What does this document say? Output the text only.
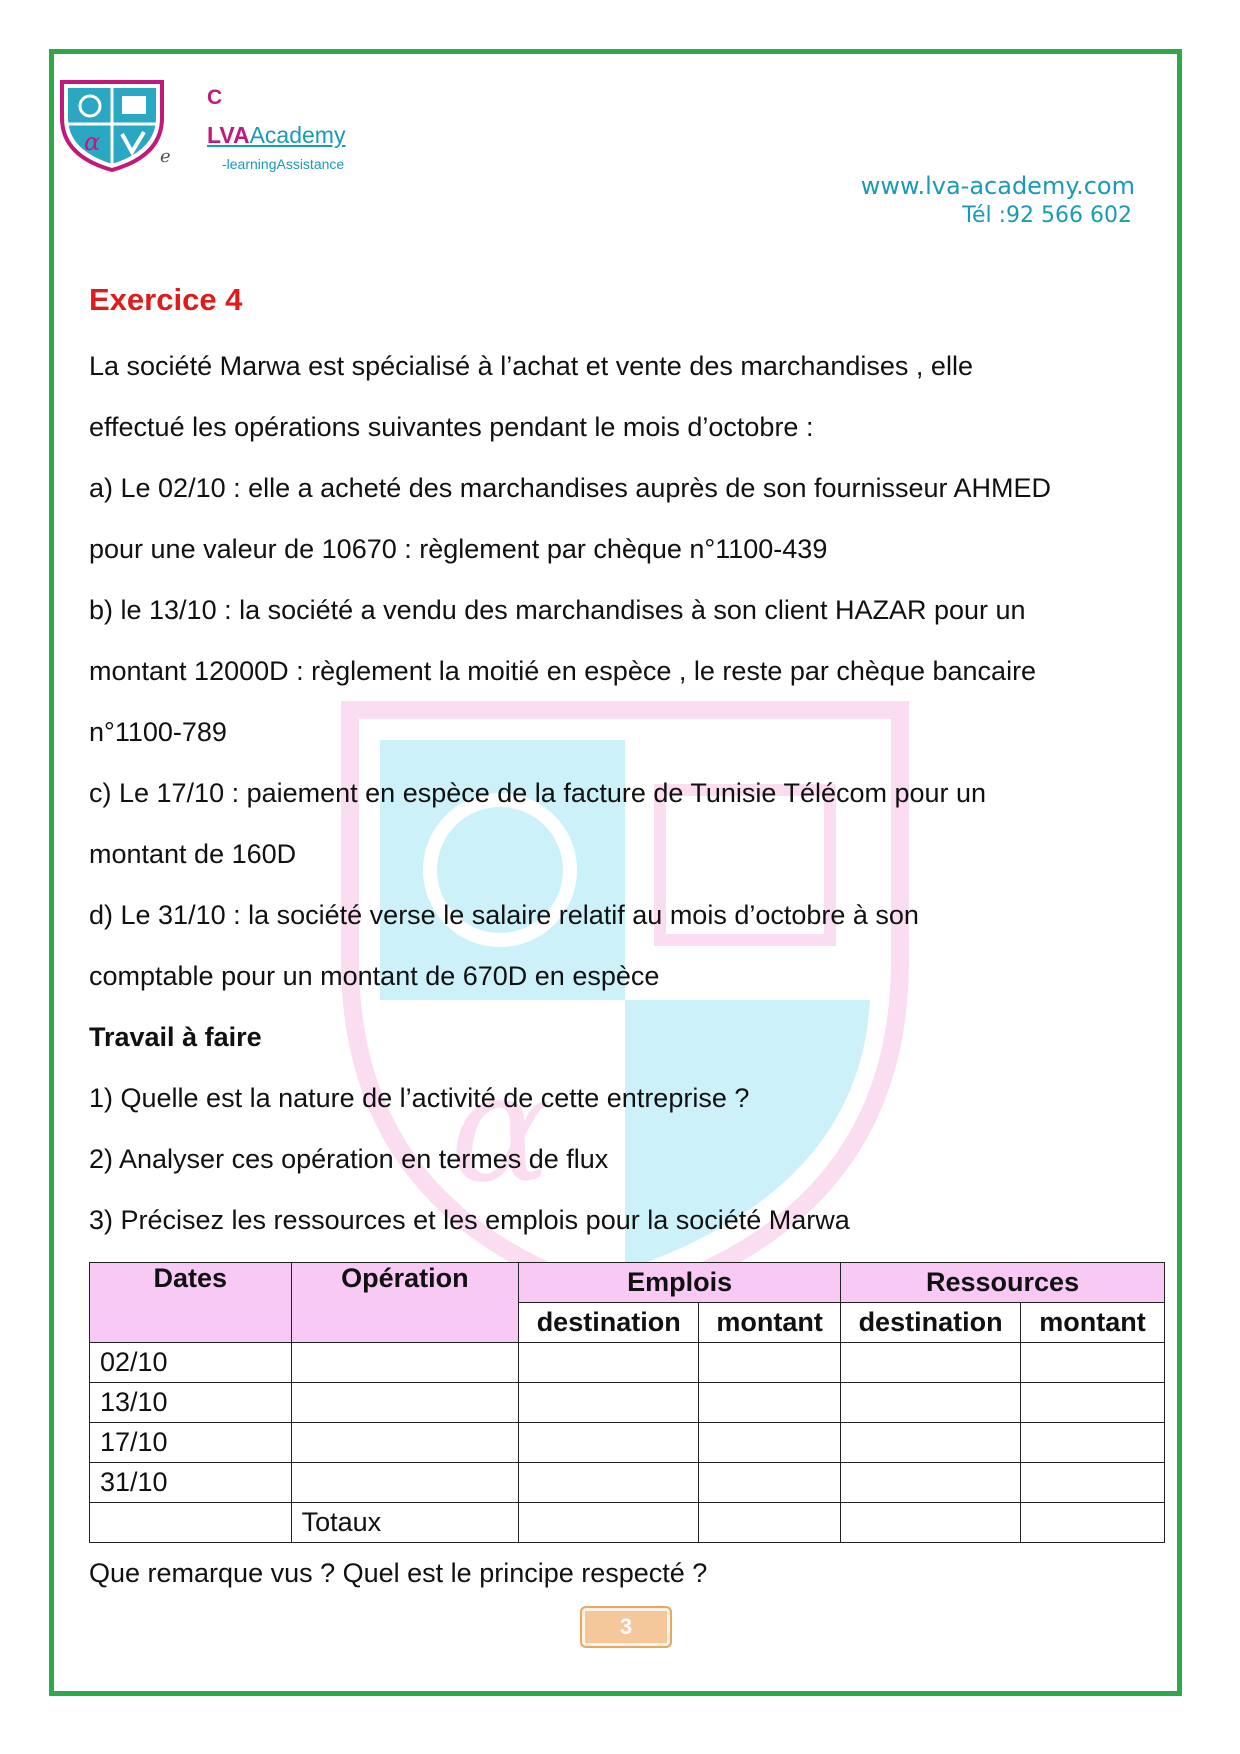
α
e
C
LVAAcademy
-learningAssistance
www.lva-academy.com
Tél :92 566 602
α
Exercice 4

La société Marwa est spécialisé à l’achat et vente des marchandises , elle

effectué les opérations suivantes pendant le mois d’octobre :

a) Le 02/10 : elle a acheté des marchandises auprès de son fournisseur AHMED

pour une valeur de 10670 : règlement par chèque n°1100-439

b) le 13/10 : la société a vendu des marchandises à son client HAZAR pour un

montant 12000D : règlement la moitié en espèce , le reste par chèque bancaire

n°1100-789

c) Le 17/10 : paiement en espèce de la facture de Tunisie Télécom pour un

montant de 160D

d) Le 31/10 : la société verse le salaire relatif au mois d’octobre à son

comptable pour un montant de 670D en espèce

Travail à faire

1) Quelle est la nature de l’activité de cette entreprise ?

2) Analyser ces opération en termes de flux

3) Précisez les ressources et les emplois pour la société Marwa

Dates	Opération	Emplois		Ressources	
		destination	montant	destination	montant
02/10					
13/10					
17/10					
31/10					
	Totaux				
Que remarque vus ? Quel est le principe respecté ?
3
